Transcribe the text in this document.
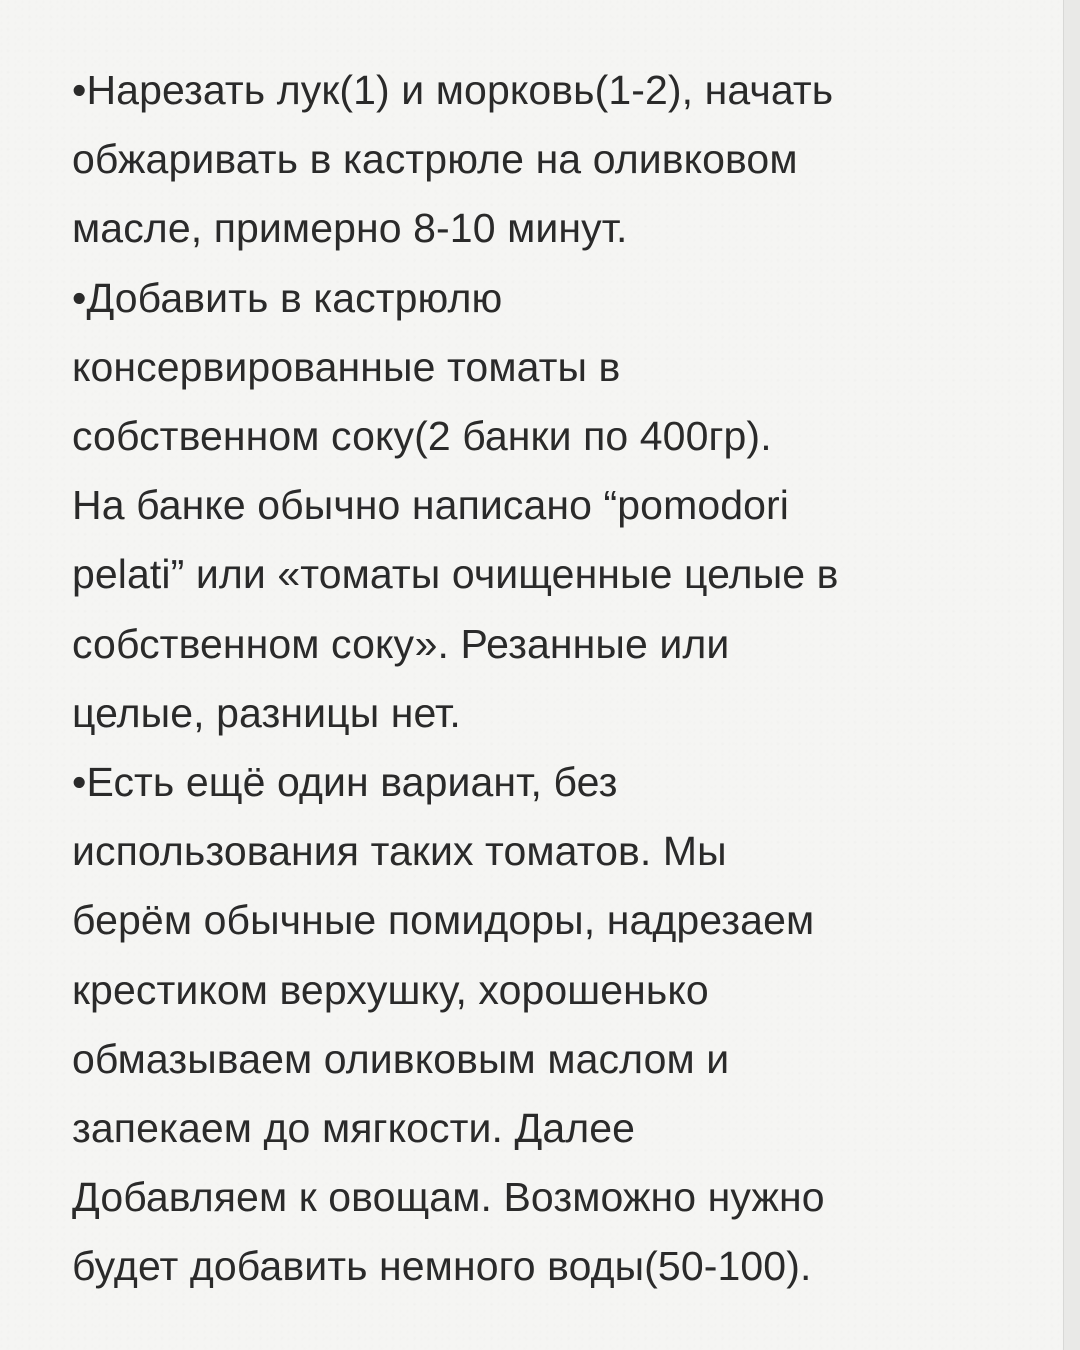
•Нарезать лук(1) и морковь(1-2), начать
обжаривать в кастрюле на оливковом
масле, примерно 8-10 минут.
•Добавить в кастрюлю
консервированные томаты в
собственном соку(2 банки по 400гр).
На банке обычно написано “pomodori
pelati” или «томаты очищенные целые в
собственном соку». Резанные или
целые, разницы нет.
•Есть ещё один вариант, без
использования таких томатов. Мы
берём обычные помидоры, надрезаем
крестиком верхушку, хорошенько
обмазываем оливковым маслом и
запекаем до мягкости. Далее
Добавляем к овощам. Возможно нужно
будет добавить немного воды(50-100).
